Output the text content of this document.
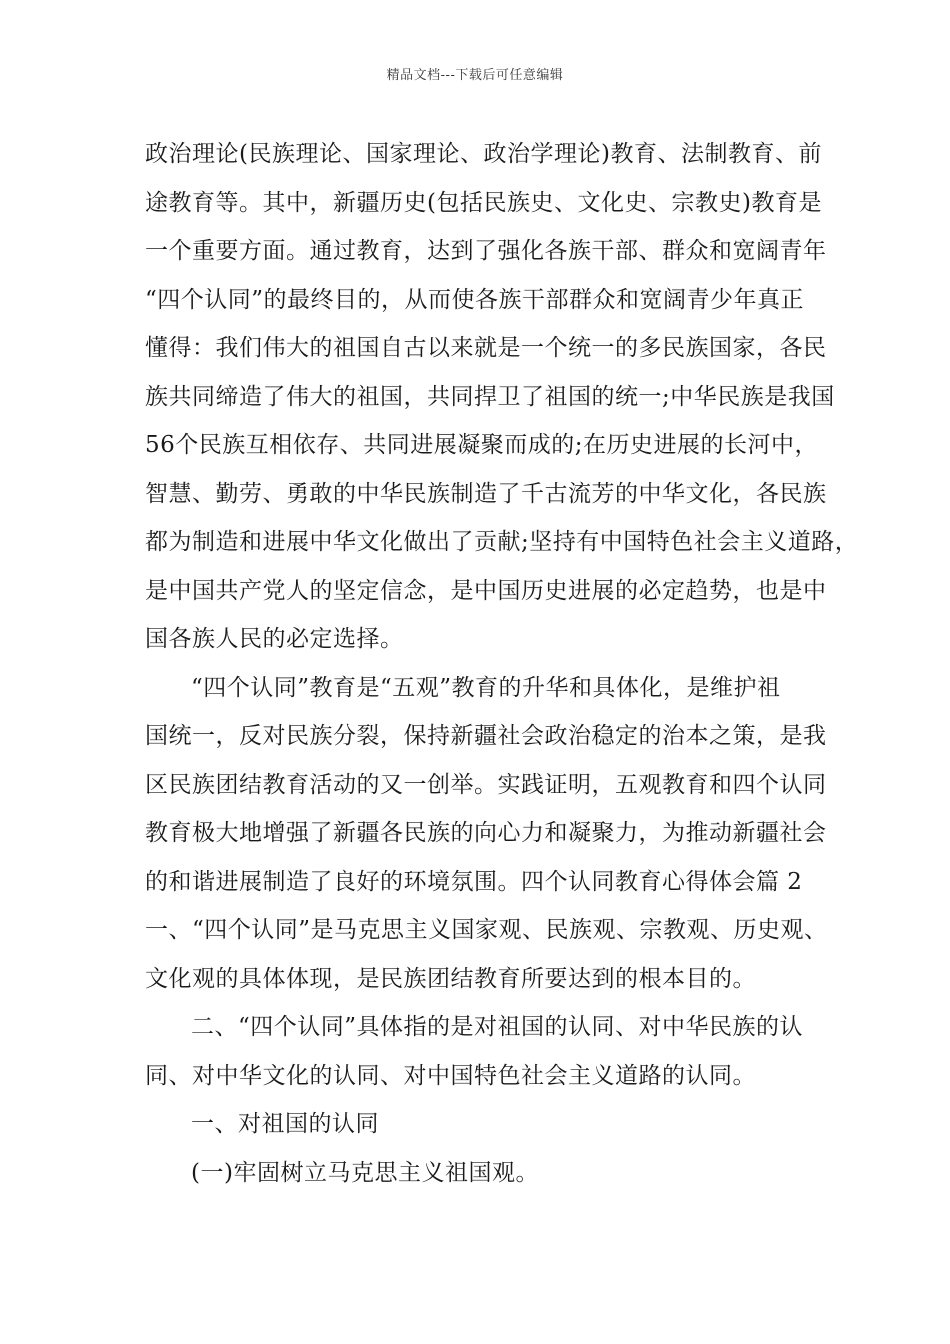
精品文档---下载后可任意编辑
政治理论(民族理论、国家理论、政治学理论)教育、法制教育、前
途教育等。其中，新疆历史(包括民族史、文化史、宗教史)教育是
一个重要方面。通过教育，达到了强化各族干部、群众和宽阔青年
“四个认同”的最终目的，从而使各族干部群众和宽阔青少年真正
懂得：我们伟大的祖国自古以来就是一个统一的多民族国家，各民
族共同缔造了伟大的祖国，共同捍卫了祖国的统一;中华民族是我国
56个民族互相依存、共同进展凝聚而成的;在历史进展的长河中，
智慧、勤劳、勇敢的中华民族制造了千古流芳的中华文化，各民族
都为制造和进展中华文化做出了贡献;坚持有中国特色社会主义道路，
是中国共产党人的坚定信念，是中国历史进展的必定趋势，也是中
国各族人民的必定选择。
“四个认同”教育是“五观”教育的升华和具体化，是维护祖
国统一，反对民族分裂，保持新疆社会政治稳定的治本之策，是我
区民族团结教育活动的又一创举。实践证明，五观教育和四个认同
教育极大地增强了新疆各民族的向心力和凝聚力，为推动新疆社会
的和谐进展制造了良好的环境氛围。四个认同教育心得体会篇 2
一、“四个认同”是马克思主义国家观、民族观、宗教观、历史观、
文化观的具体体现，是民族团结教育所要达到的根本目的。
二、“四个认同”具体指的是对祖国的认同、对中华民族的认
同、对中华文化的认同、对中国特色社会主义道路的认同。
一、对祖国的认同
(一)牢固树立马克思主义祖国观。
